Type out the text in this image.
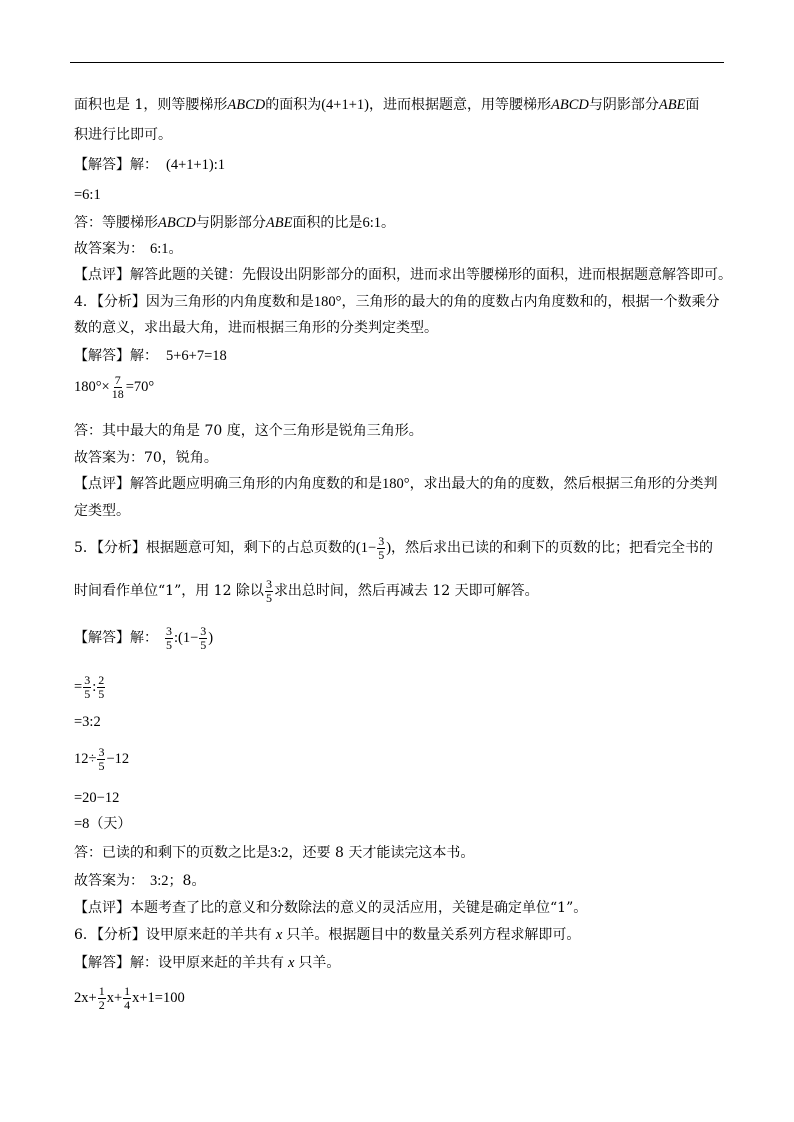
面积也是 1，则等腰梯形ABCD的面积为(4+1+1)，进而根据题意，用等腰梯形ABCD与阴影部分ABE面
积进行比即可。
【解答】解： (4+1+1):1
=6:1
答：等腰梯形ABCD与阴影部分ABE面积的比是6:1。
故答案为： 6:1。
【点评】解答此题的关键：先假设出阴影部分的面积，进而求出等腰梯形的面积，进而根据题意解答即可。
4．【分析】因为三角形的内角度数和是180°，三角形的最大的角的度数占内角度数和的，根据一个数乘分
数的意义，求出最大角，进而根据三角形的分类判定类型。
【解答】解： 5+6+7=18
$180^\circ\times \frac{7}{18} =70^\circ$
答：其中最大的角是 70 度，这个三角形是锐角三角形。
故答案为：70，锐角。
【点评】解答此题应明确三角形的内角度数的和是180°，求出最大的角的度数，然后根据三角形的分类判
定类型。
5．【分析】根据题意可知，剩下的占总页数的($1- \frac{3}{5}$ )，然后求出已读的和剩下的页数的比；把看完全书的
时间看作单位“1”，用 12 除以 $\frac{3}{5}$ 求出总时间，然后再减去 12 天即可解答。
【解答】解： $\frac{3}{5}$ :(1− $\frac{3}{5}$ )
= $\frac{3}{5}$ : $\frac{2}{5}$
=3:2
$12\div \frac{3}{5} -12$
=20−12
=8（天）
答：已读的和剩下的页数之比是3:2，还要 8 天才能读完这本书。
故答案为： 3:2；8。
【点评】本题考查了比的意义和分数除法的意义的灵活应用，关键是确定单位“1”。
6．【分析】设甲原来赶的羊共有 x 只羊。根据题目中的数量关系列方程求解即可。
【解答】解：设甲原来赶的羊共有 x 只羊。
$2x+ \frac{1}{2} x+ \frac{1}{4} x+1=100$
